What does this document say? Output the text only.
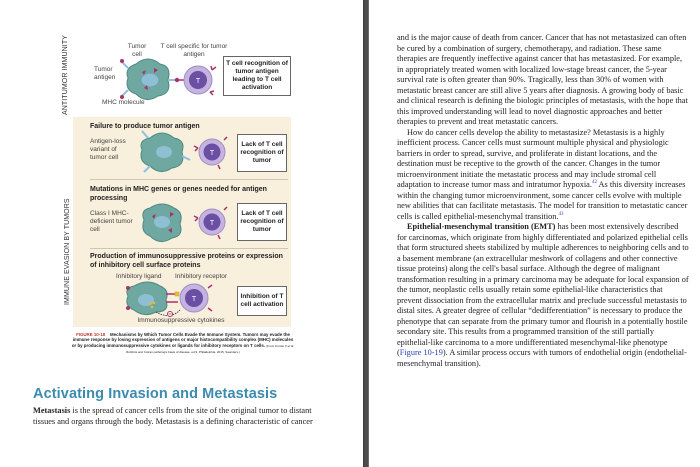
ANTITUMOR IMMUNITY
IMMUNE EVASION BY TUMORS
Tumor cell
T cell specific for tumor antigen
Tumor antigen
MHC molecule
T
T cell recognition of tumor antigen leading to T cell activation
Failure to produce tumor antigen
Antigen-loss variant of tumor cell
T
Lack of T cell recognition of tumor
Mutations in MHC genes or genes needed for antigen processing
Class I MHC-deficient tumor cell
T
Lack of T cell recognition of tumor
Production of immunosuppressive proteins or expression of inhibitory cell surface proteins
Inhibitory ligand	Inhibitory receptor
T	Inhibition of T cell activation
Immunosuppressive cytokines
FIGURE 10-18 Mechanisms by Which Tumor Cells Evade the Immune System. Tumors may evade the immune response by losing expression of antigens or major histocompatibility complex (MHC) molecules or by producing immunosuppressive cytokines or ligands for inhibitory receptors on T cells. (From Kumar V et al. Robbins and Cotran pathologic basis of disease, ed 9, Philadelphia, 2015, Saunders.)
Activating Invasion and Metastasis
Metastasis is the spread of cancer cells from the site of the original tumor to distant tissues and organs through the body. Metastasis is a defining characteristic of cancer

and is the major cause of death from cancer. Cancer that has not metastasized can often be cured by a combination of surgery, chemotherapy, and radiation. These same therapies are frequently ineffective against cancer that has metastasized. For example, in appropriately treated women with localized low-stage breast cancer, the 5-year survival rate is often greater than 90%. Tragically, less than 30% of women with metastatic breast cancer are still alive 5 years after diagnosis. A growing body of basic and clinical research is defining the biologic principles of metastasis, with the hope that this improved understanding will lead to novel diagnostic approaches and better therapies to prevent and treat metastatic cancers.

How do cancer cells develop the ability to metastasize? Metastasis is a highly inefficient process. Cancer cells must surmount multiple physical and physiologic barriers in order to spread, survive, and proliferate in distant locations, and the destination must be receptive to the growth of the cancer. Changes in the tumor microenvironment initiate the metastatic process and may include stromal cell adaptation to increase tumor mass and intratumor hypoxia.$^{42}$ As this diversity increases within the changing tumor microenvironment, some cancer cells evolve with multiple new abilities that can facilitate metastasis. The model for transition to metastatic cancer cells is called epithelial-mesenchymal transition.$^{43}$

Epithelial-mesenchymal transition (EMT) has been most extensively described for carcinomas, which originate from highly differentiated and polarized epithelial cells that form structured sheets stabilized by multiple adherences to neighboring cells and to a basement membrane (an extracellular meshwork of collagens and other connective tissue proteins) along the cell's basal surface. Although the degree of malignant transformation resulting in a primary carcinoma may be adequate for local expansion of the tumor, neoplastic cells usually retain some epithelial-like characteristics that prevent dissociation from the extracellular matrix and preclude successful metastasis to distal sites. A greater degree of cellular “dedifferentiation” is necessary to produce the phenotype that can separate from the primary tumor and flourish in a potentially hostile secondary site. This results from a programmed transition of the still partially epithelial-like carcinoma to a more undifferentiated mesenchymal-like phenotype (Figure 10-19). A similar process occurs with tumors of endothelial origin (endothelial-mesenchymal transition).
